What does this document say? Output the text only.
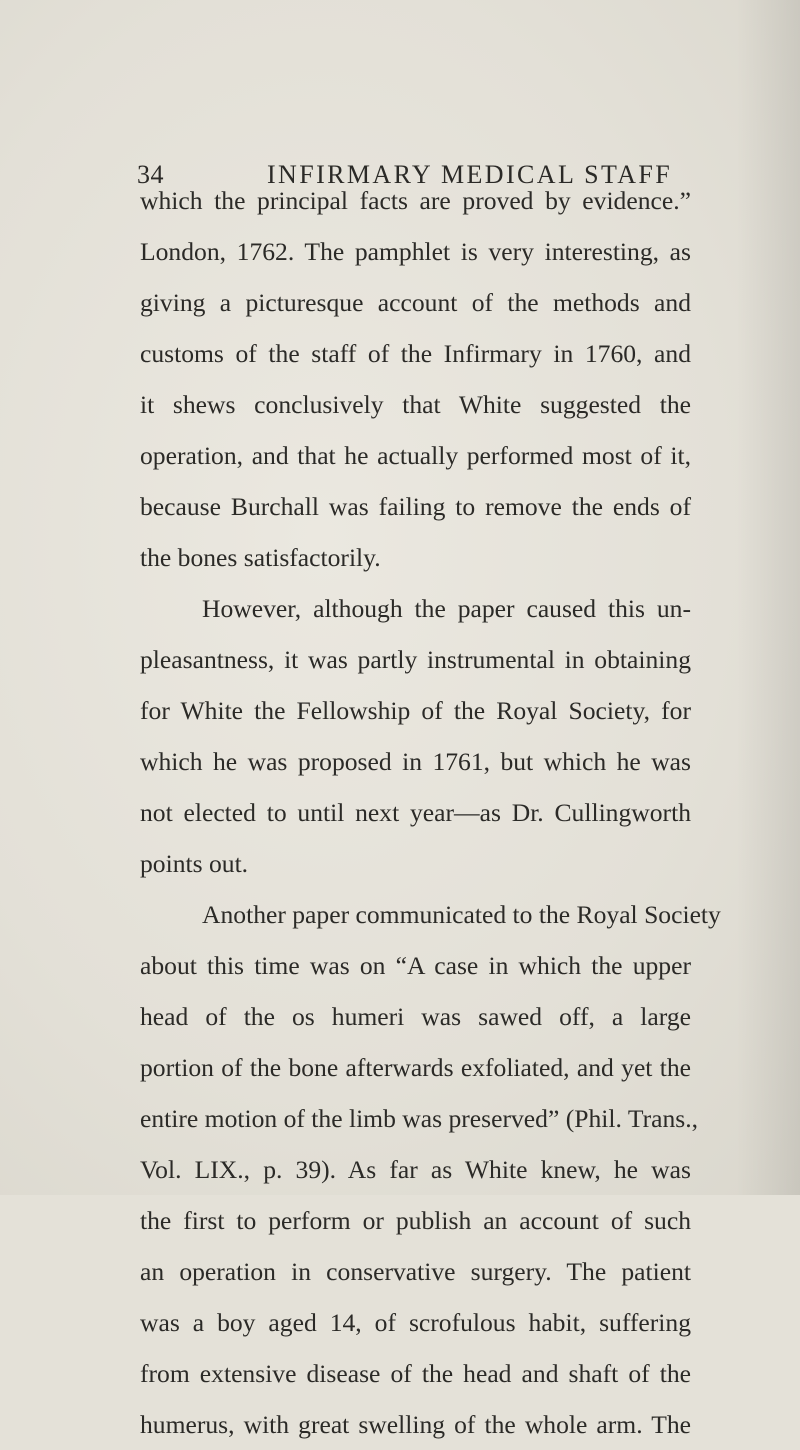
34	INFIRMARY MEDICAL STAFF
which the principal facts are proved by evidence.”
London, 1762. The pamphlet is very interesting, as
giving a picturesque account of the methods and
customs of the staff of the Infirmary in 1760, and
it shews conclusively that White suggested the
operation, and that he actually performed most of it,
because Burchall was failing to remove the ends of
the bones satisfactorily.
However, although the paper caused this un-
pleasantness, it was partly instrumental in obtaining
for White the Fellowship of the Royal Society, for
which he was proposed in 1761, but which he was
not elected to until next year—as Dr. Cullingworth
points out.
Another paper communicated to the Royal Society
about this time was on “A case in which the upper
head of the os humeri was sawed off, a large
portion of the bone afterwards exfoliated, and yet the
entire motion of the limb was preserved” (Phil. Trans.,
Vol. LIX., p. 39). As far as White knew, he was
the first to perform or publish an account of such
an operation in conservative surgery. The patient
was a boy aged 14, of scrofulous habit, suffering
from extensive disease of the head and shaft of the
humerus, with great swelling of the whole arm. The
